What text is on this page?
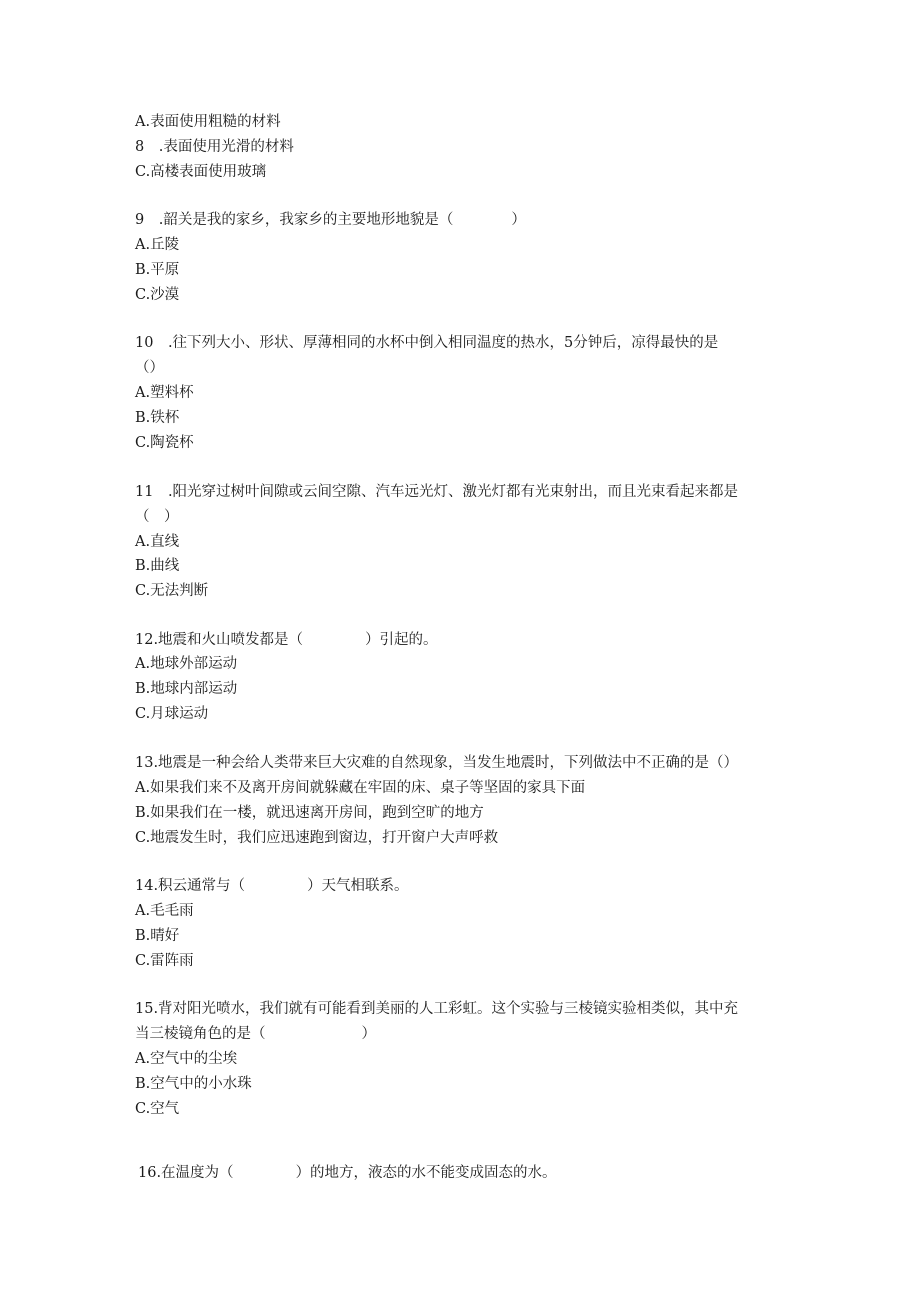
A.表面使用粗糙的材料
8　.表面使用光滑的材料
C.高楼表面使用玻璃
9　.韶关是我的家乡，我家乡的主要地形地貌是（	）
A.丘陵
B.平原
C.沙漠
10　.往下列大小、形状、厚薄相同的水杯中倒入相同温度的热水，5分钟后，凉得最快的是
（）
A.塑料杯
B.铁杯
C.陶瓷杯
11　.阳光穿过树叶间隙或云间空隙、汽车远光灯、激光灯都有光束射出，而且光束看起来都是
（　）
A.直线
B.曲线
C.无法判断
12.地震和火山喷发都是（	）引起的。
A.地球外部运动
B.地球内部运动
C.月球运动
13.地震是一种会给人类带来巨大灾难的自然现象，当发生地震时，下列做法中不正确的是（）
A.如果我们来不及离开房间就躲藏在牢固的床、桌子等坚固的家具下面
B.如果我们在一楼，就迅速离开房间，跑到空旷的地方
C.地震发生时，我们应迅速跑到窗边，打开窗户大声呼救
14.积云通常与（	）天气相联系。
A.毛毛雨
B.晴好
C.雷阵雨
15.背对阳光喷水，我们就有可能看到美丽的人工彩虹。这个实验与三棱镜实验相类似，其中充
当三棱镜角色的是（	）
A.空气中的尘埃
B.空气中的小水珠
C.空气
16.在温度为（	）的地方，液态的水不能变成固态的水。
